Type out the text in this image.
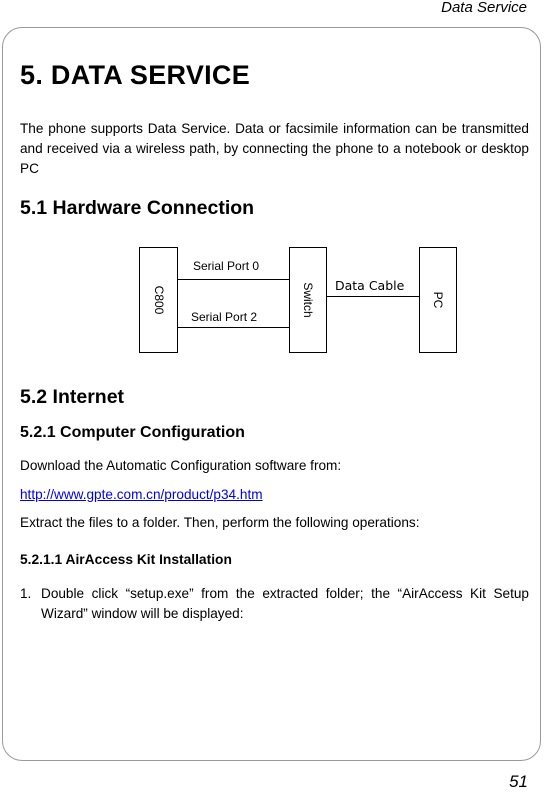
Data Service
5. DATA SERVICE

The phone supports Data Service. Data or facsimile information can be transmitted and received via a wireless path, by connecting the phone to a notebook or desktop PC

5.1 Hardware Connection
C800
Serial Port 0
Serial Port 2	Switch Data Cable
PC
5.2 Internet
5.2.1 Computer Configuration

Download the Automatic Configuration software from:

http://www.gpte.com.cn/product/p34.htm

Extract the files to a folder. Then, perform the following operations:

5.2.1.1 AirAccess Kit Installation
1. Double click “setup.exe” from the extracted folder; the “AirAccess Kit Setup Wizard” window will be displayed:
51
